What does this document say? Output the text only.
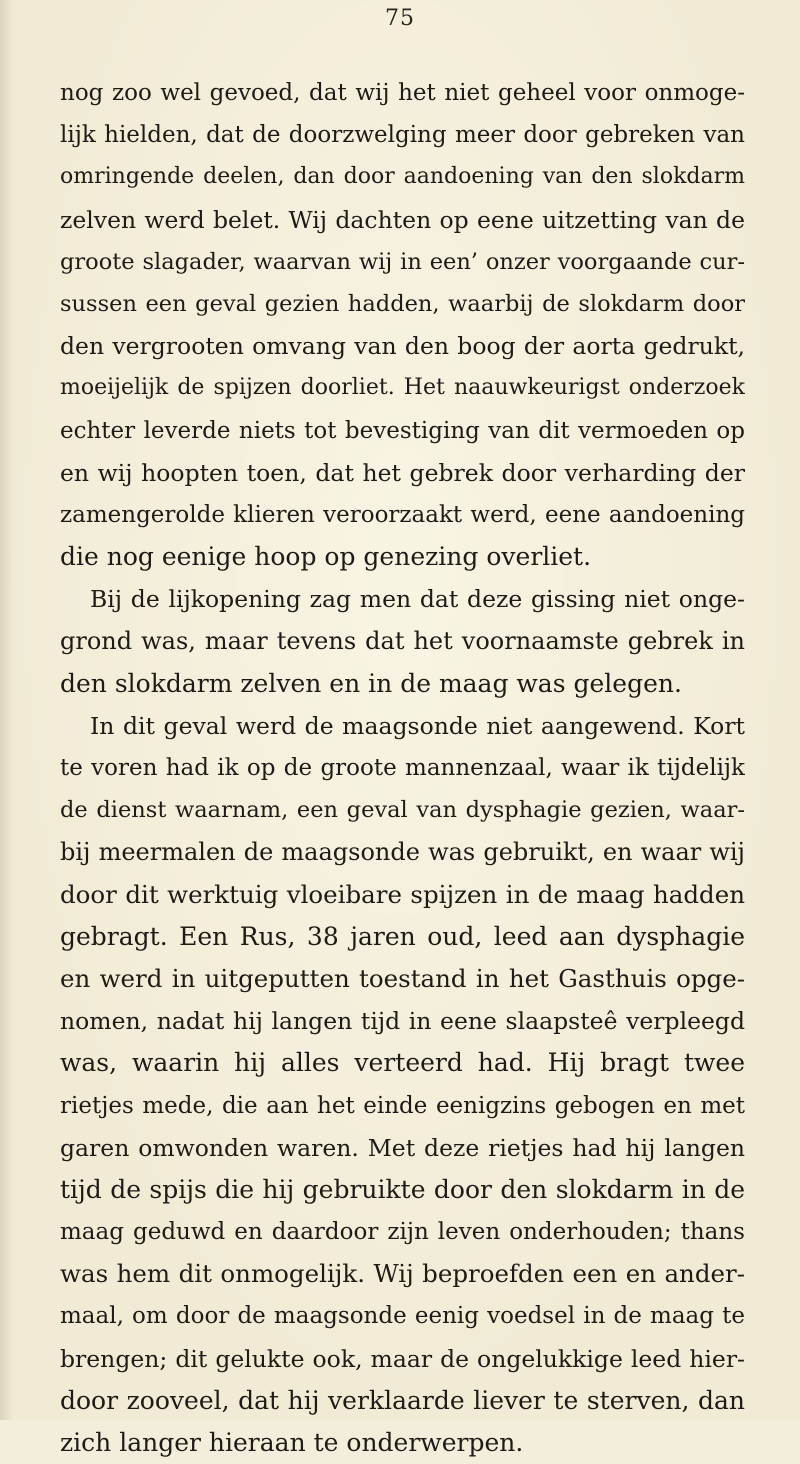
75
nog zoo wel gevoed, dat wij het niet geheel voor onmoge-
lijk hielden, dat de doorzwelging meer door gebreken van
omringende deelen, dan door aandoening van den slokdarm
zelven werd belet. Wij dachten op eene uitzetting van de
groote slagader, waarvan wij in een’ onzer voorgaande cur-
sussen een geval gezien hadden, waarbij de slokdarm door
den vergrooten omvang van den boog der aorta gedrukt,
moeijelijk de spijzen doorliet. Het naauwkeurigst onderzoek
echter leverde niets tot bevestiging van dit vermoeden op
en wij hoopten toen, dat het gebrek door verharding der
zamengerolde klieren veroorzaakt werd, eene aandoening
die nog eenige hoop op genezing overliet.
Bij de lijkopening zag men dat deze gissing niet onge-
grond was, maar tevens dat het voornaamste gebrek in
den slokdarm zelven en in de maag was gelegen.
In dit geval werd de maagsonde niet aangewend. Kort
te voren had ik op de groote mannenzaal, waar ik tijdelijk
de dienst waarnam, een geval van dysphagie gezien, waar-
bij meermalen de maagsonde was gebruikt, en waar wij
door dit werktuig vloeibare spijzen in de maag hadden
gebragt. Een Rus, 38 jaren oud, leed aan dysphagie
en werd in uitgeputten toestand in het Gasthuis opge-
nomen, nadat hij langen tijd in eene slaapsteê verpleegd
was, waarin hij alles verteerd had. Hij bragt twee
rietjes mede, die aan het einde eenigzins gebogen en met
garen omwonden waren. Met deze rietjes had hij langen
tijd de spijs die hij gebruikte door den slokdarm in de
maag geduwd en daardoor zijn leven onderhouden; thans
was hem dit onmogelijk. Wij beproefden een en ander-
maal, om door de maagsonde eenig voedsel in de maag te
brengen; dit gelukte ook, maar de ongelukkige leed hier-
door zooveel, dat hij verklaarde liever te sterven, dan
zich langer hieraan te onderwerpen.
